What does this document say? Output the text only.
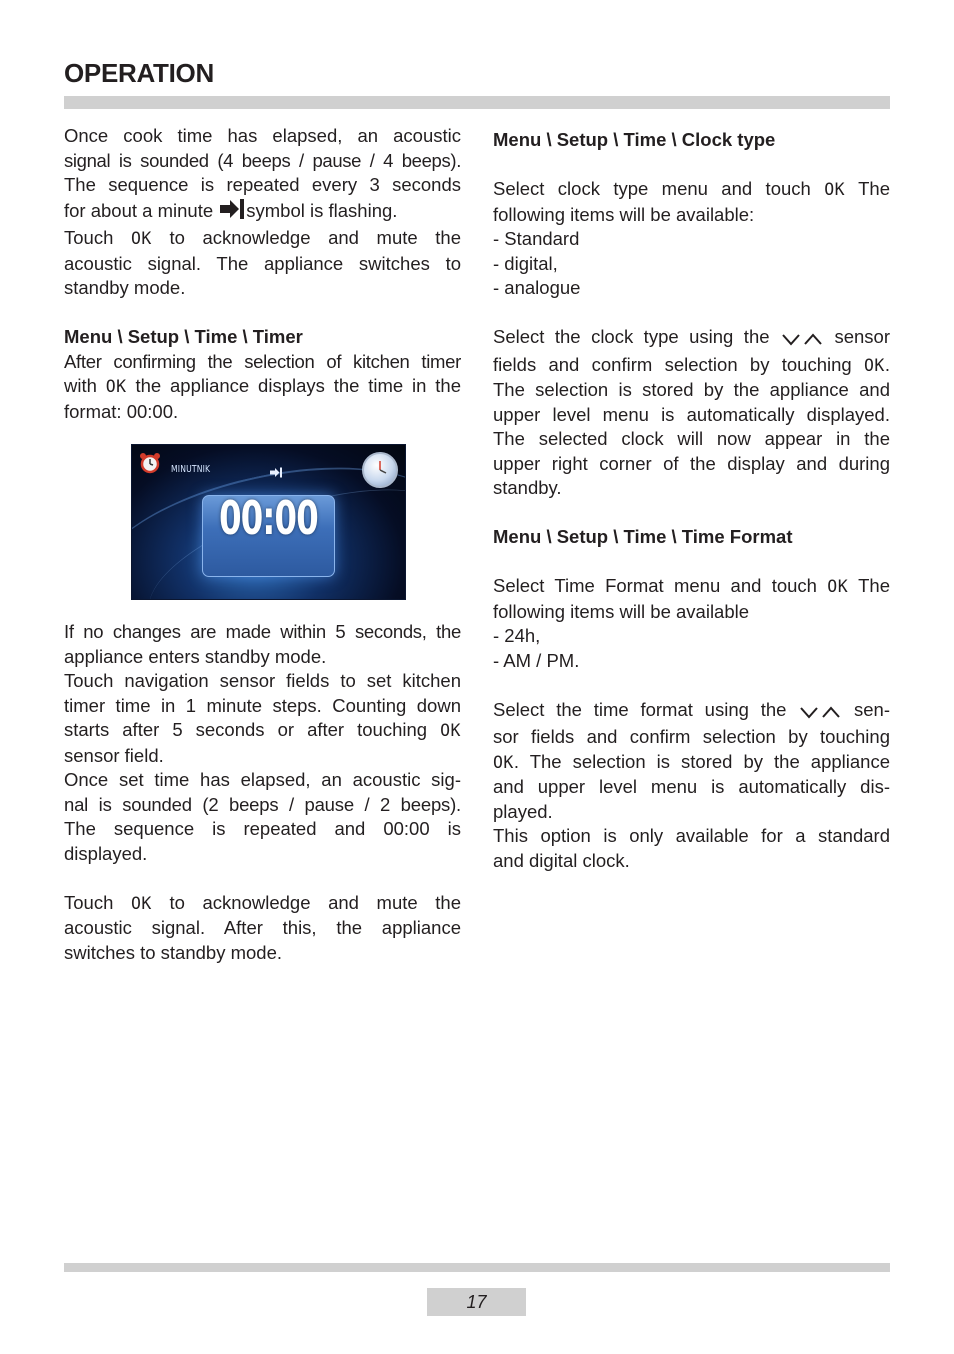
OPERATION

Once cook time has elapsed, an acoustic

signal is sounded (4 beeps / pause / 4 beeps).

The sequence is repeated every 3 seconds

for about a minute symbol is flashing.

Touch OK to acknowledge and mute the

acoustic signal. The appliance switches to

standby mode.

Menu \ Setup \ Time \ Timer

After confirming the selection of kitchen timer

with OK the appliance displays the time in the

format: 00:00.

MINUTNIK
00:00

If no changes are made within 5 seconds, the

appliance enters standby mode.

Touch navigation sensor fields to set kitchen

timer time in 1 minute steps. Counting down

starts after 5 seconds or after touching OK

sensor field.

Once set time has elapsed, an acoustic sig-

nal is sounded (2 beeps / pause / 2 beeps).

The sequence is repeated and 00:00 is

displayed.

Touch OK to acknowledge and mute the

acoustic signal. After this, the appliance

switches to standby mode.

Menu \ Setup \ Time \ Clock type

Select clock type menu and touch OK The

following items will be available:

- Standard

- digital,

- analogue

Select the clock type using the	sensor

fields and confirm selection by touching OK.

The selection is stored by the appliance and

upper level menu is automatically displayed.

The selected clock will now appear in the

upper right corner of the display and during

standby.

Menu \ Setup \ Time \ Time Format

Select Time Format menu and touch OK The

following items will be available

- 24h,

- AM / PM.

Select the time format using the	sen-

sor fields and confirm selection by touching

OK. The selection is stored by the appliance

and upper level menu is automatically dis-

played.

This option is only available for a standard

and digital clock.

17
